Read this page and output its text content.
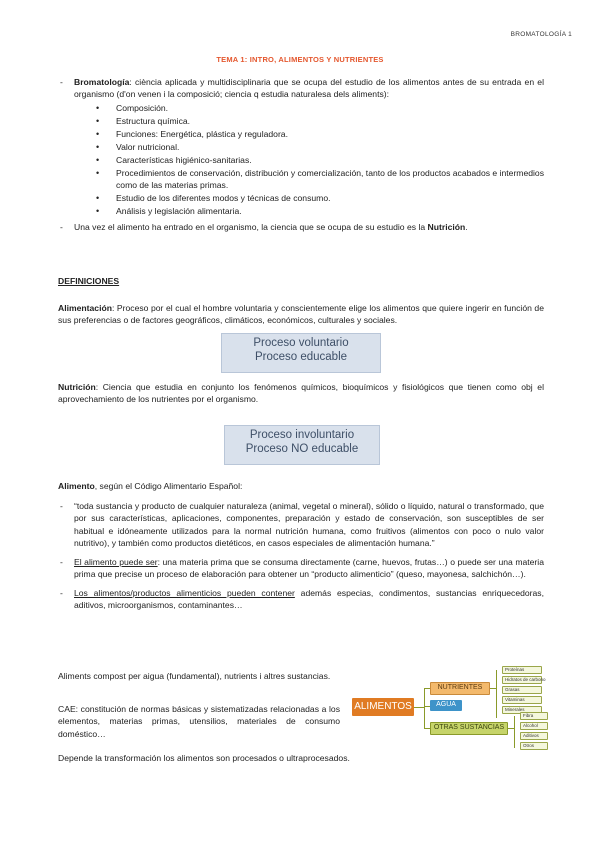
BROMATOLOGÍA 1
TEMA 1: INTRO, ALIMENTOS Y NUTRIENTES
- Bromatología: ciència aplicada y multidisciplinaria que se ocupa del estudio de los alimentos antes de su entrada en el organismo (d'on venen i la composició; ciencia q estudia naturalesa dels aliments):
• Composición.
• Estructura química.
• Funciones: Energética, plástica y reguladora.
• Valor nutricional.
• Características higiénico-sanitarias.
• Procedimientos de conservación, distribución y comercialización, tanto de los productos acabados e intermedios como de las materias primas.
• Estudio de los diferentes modos y técnicas de consumo.
• Análisis y legislación alimentaria.
- Una vez el alimento ha entrado en el organismo, la ciencia que se ocupa de su estudio es la Nutrición.
DEFINICIONES
Alimentación: Proceso por el cual el hombre voluntaria y conscientemente elige los alimentos que quiere ingerir en función de sus preferencias o de factores geográficos, climáticos, económicos, culturales y sociales.
Proceso voluntario
Proceso educable
Nutrición: Ciencia que estudia en conjunto los fenómenos químicos, bioquímicos y fisiológicos que tienen como obj el aprovechamiento de los nutrientes por el organismo.
Proceso involuntario
Proceso NO educable
Alimento, según el Código Alimentario Español:
- “toda sustancia y producto de cualquier naturaleza (animal, vegetal o mineral), sólido o líquido, natural o transformado, que por sus características, aplicaciones, componentes, preparación y estado de conservación, son susceptibles de ser habitual e idóneamente utilizados para la normal nutrición humana, como fruitivos (alimentos con poco o nulo valor nutritivo), y también como productos dietéticos, en casos especiales de alimentación humana.”
- El alimento puede ser: una materia prima que se consuma directamente (carne, huevos, frutas…) o puede ser una materia prima que precise un proceso de elaboración para obtener un “producto alimenticio” (queso, mayonesa, salchichón…).
- Los alimentos/productos alimenticios pueden contener además especias, condimentos, sustancias enriquecedoras, aditivos, microorganismos, contaminantes…
Aliments compost per aigua (fundamental), nutrients i altres sustancias.
CAE: constitución de normas básicas y sistematizadas relacionadas a los elementos, materias primas, utensilios, materiales de consumo doméstico…
Depende la transformación los alimentos son procesados o ultraprocesados.
ALIMENTOS
NUTRIENTES
AGUA
OTRAS SUSTANCIAS
Proteínas
Hidratos de carbono
Grasas
Vitaminas
Minerales
Fibra
Alcohol
Aditivos
Otros
